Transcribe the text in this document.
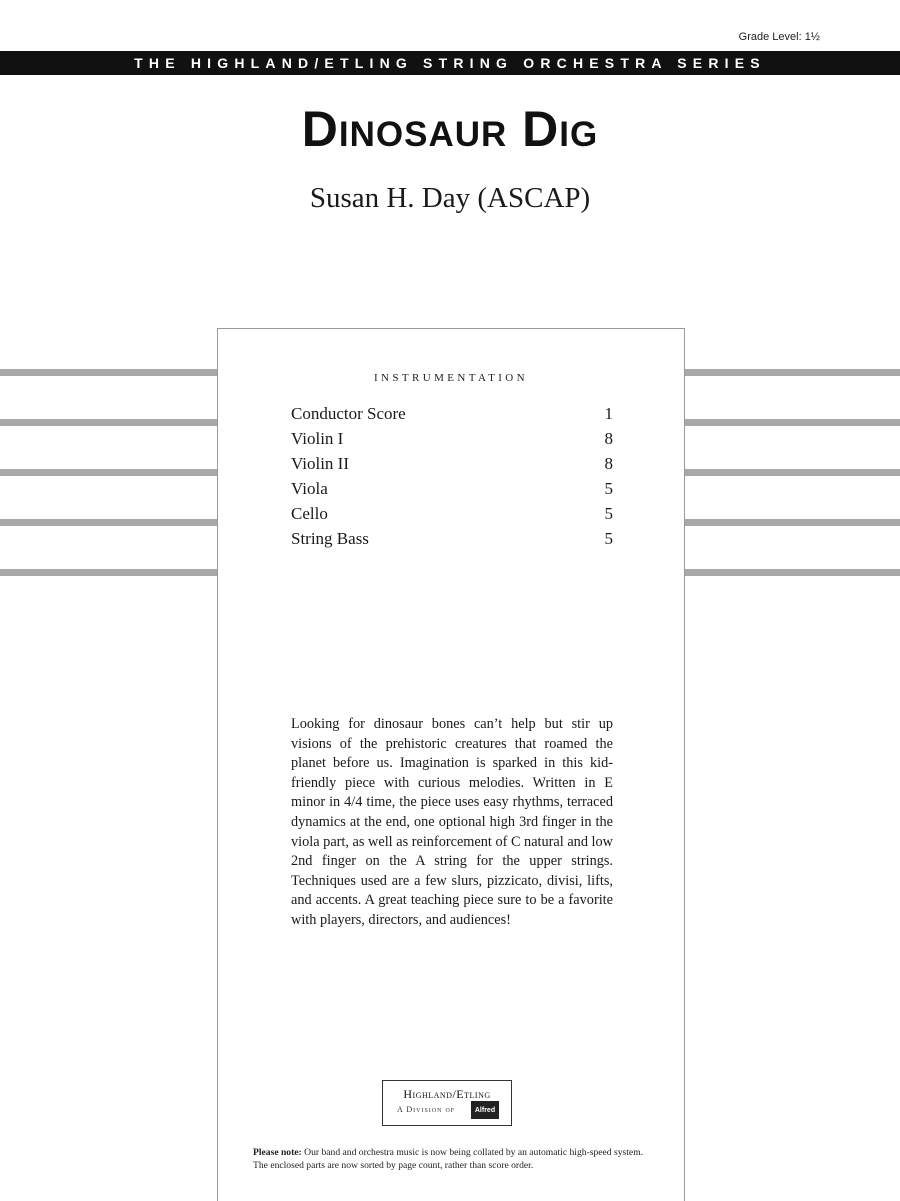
Grade Level: 1½
THE HIGHLAND/ETLING STRING ORCHESTRA SERIES
Dinosaur Dig
Susan H. Day (ASCAP)
INSTRUMENTATION
Conductor Score	1
Violin I	8
Violin II	8
Viola	5
Cello	5
String Bass	5

Looking for dinosaur bones can’t help but stir up visions of the prehistoric creatures that roamed the planet before us. Imagination is sparked in this kid-friendly piece with curious melodies. Written in E minor in 4/4 time, the piece uses easy rhythms, terraced dynamics at the end, one optional high 3rd finger in the viola part, as well as reinforcement of C natural and low 2nd finger on the A string for the upper strings. Techniques used are a few slurs, pizzicato, divisi, lifts, and accents. A great teaching piece sure to be a favorite with players, directors, and audiences!

Highland/Etling
A Division of	Alfred

Please note: Our band and orchestra music is now being collated by an automatic high-speed system. The enclosed parts are now sorted by page count, rather than score order.
